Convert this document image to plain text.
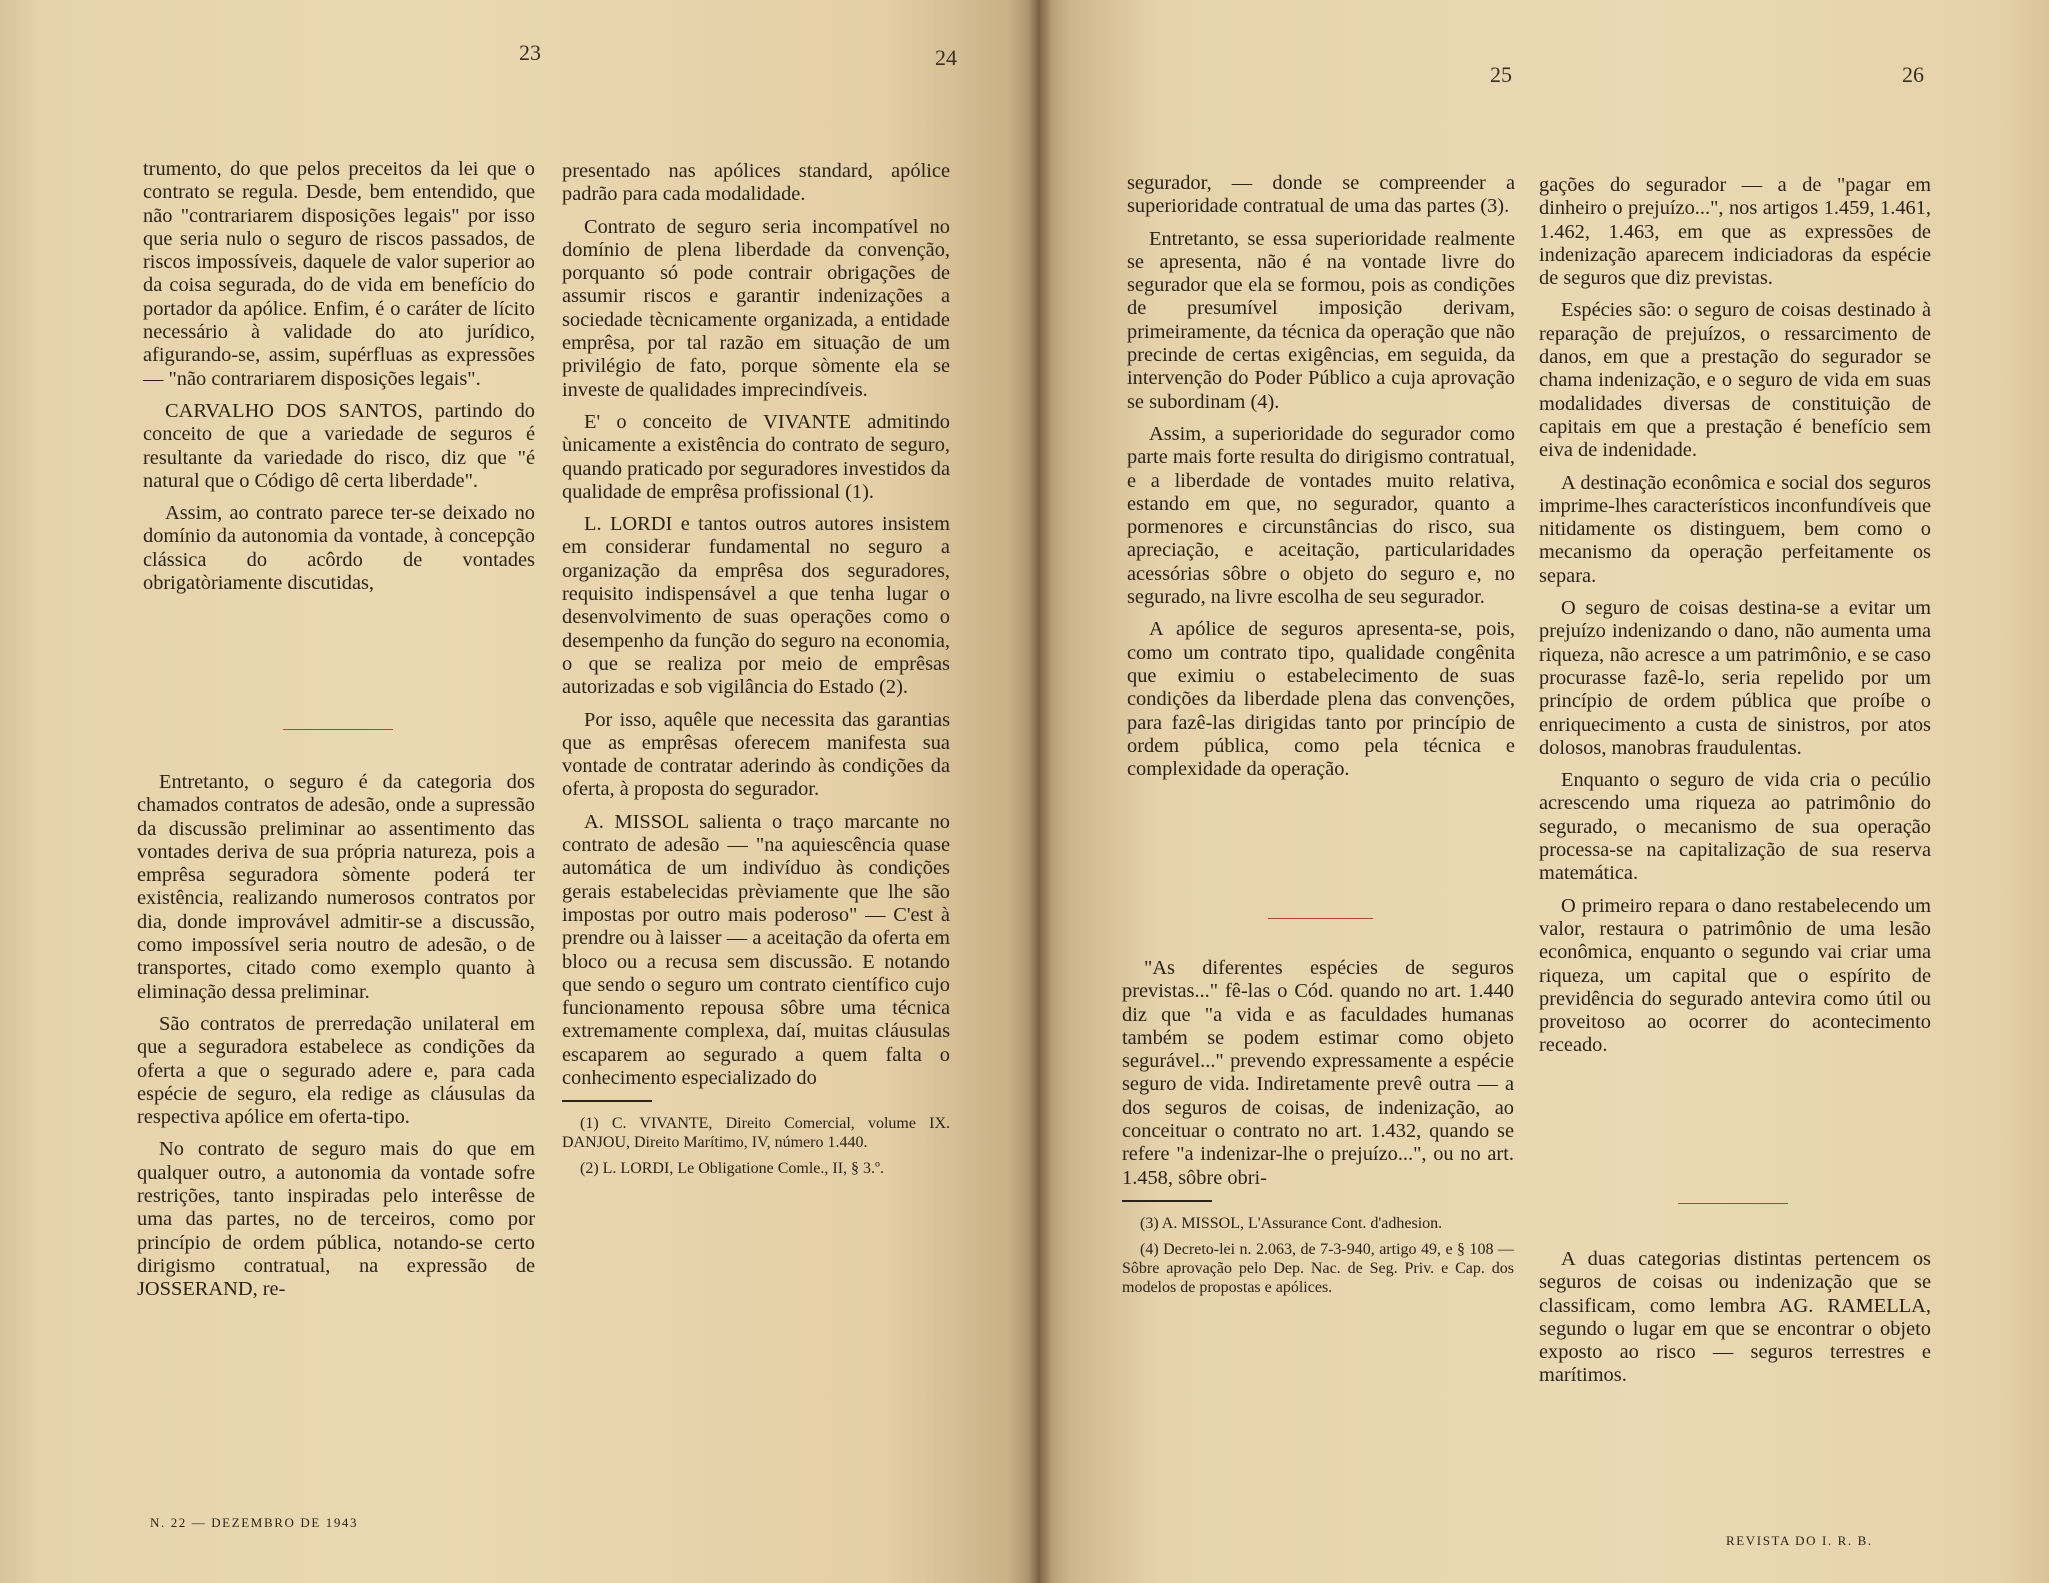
23	24

trumento, do que pelos preceitos da lei que o contrato se regula. Desde, bem entendido, que não "contrariarem disposições legais" por isso que seria nulo o seguro de riscos passados, de riscos impossíveis, daquele de valor superior ao da coisa segurada, do de vida em benefício do portador da apólice. Enfim, é o caráter de lícito necessário à validade do ato jurídico, afigurando-se, assim, supérfluas as expressões — "não contrariarem disposições legais".

CARVALHO DOS SANTOS, partindo do conceito de que a variedade de seguros é resultante da variedade do risco, diz que "é natural que o Código dê certa liberdade".

Assim, ao contrato parece ter-se deixado no domínio da autonomia da vontade, à concepção clássica do acôrdo de vontades obrigatòriamente discutidas,

Entretanto, o seguro é da categoria dos chamados contratos de adesão, onde a supressão da discussão preliminar ao assentimento das vontades deriva de sua própria natureza, pois a emprêsa seguradora sòmente poderá ter existência, realizando numerosos contratos por dia, donde improvável admitir-se a discussão, como impossível seria noutro de adesão, o de transportes, citado como exemplo quanto à eliminação dessa preliminar.

São contratos de prerredação unilateral em que a seguradora estabelece as condições da oferta a que o segurado adere e, para cada espécie de seguro, ela redige as cláusulas da respectiva apólice em oferta-tipo.

No contrato de seguro mais do que em qualquer outro, a autonomia da vontade sofre restrições, tanto inspiradas pelo interêsse de uma das partes, no de terceiros, como por princípio de ordem pública, notando-se certo dirigismo contratual, na expressão de JOSSERAND, re-

presentado nas apólices standard, apólice padrão para cada modalidade.

Contrato de seguro seria incompatível no domínio de plena liberdade da convenção, porquanto só pode contrair obrigações de assumir riscos e garantir indenizações a sociedade tècnicamente organizada, a entidade emprêsa, por tal razão em situação de um privilégio de fato, porque sòmente ela se investe de qualidades imprecindíveis.

E' o conceito de VIVANTE admitindo ùnicamente a existência do contrato de seguro, quando praticado por seguradores investidos da qualidade de emprêsa profissional (1).

L. LORDI e tantos outros autores insistem em considerar fundamental no seguro a organização da emprêsa dos seguradores, requisito indispensável a que tenha lugar o desenvolvimento de suas operações como o desempenho da função do seguro na economia, o que se realiza por meio de emprêsas autorizadas e sob vigilância do Estado (2).

Por isso, aquêle que necessita das garantias que as emprêsas oferecem manifesta sua vontade de contratar aderindo às condições da oferta, à proposta do segurador.

A. MISSOL salienta o traço marcante no contrato de adesão — "na aquiescência quase automática de um indivíduo às condições gerais estabelecidas prèviamente que lhe são impostas por outro mais poderoso" — C'est à prendre ou à laisser — a aceitação da oferta em bloco ou a recusa sem discussão. E notando que sendo o seguro um contrato científico cujo funcionamento repousa sôbre uma técnica extremamente complexa, daí, muitas cláusulas escaparem ao segurado a quem falta o conhecimento especializado do

(1) C. VIVANTE, Direito Comercial, volume IX. DANJOU, Direito Marítimo, IV, número 1.440.

(2) L. LORDI, Le Obligatione Comle., II, § 3.º.

N. 22 — DEZEMBRO DE 1943
25	26

segurador, — donde se compreender a superioridade contratual de uma das partes (3).

Entretanto, se essa superioridade realmente se apresenta, não é na vontade livre do segurador que ela se formou, pois as condições de presumível imposição derivam, primeiramente, da técnica da operação que não precinde de certas exigências, em seguida, da intervenção do Poder Público a cuja aprovação se subordinam (4).

Assim, a superioridade do segurador como parte mais forte resulta do dirigismo contratual, e a liberdade de vontades muito relativa, estando em que, no segurador, quanto a pormenores e circunstâncias do risco, sua apreciação, e aceitação, particularidades acessórias sôbre o objeto do seguro e, no segurado, na livre escolha de seu segurador.

A apólice de seguros apresenta-se, pois, como um contrato tipo, qualidade congênita que eximiu o estabelecimento de suas condições da liberdade plena das convenções, para fazê-las dirigidas tanto por princípio de ordem pública, como pela técnica e complexidade da operação.

"As diferentes espécies de seguros previstas..." fê-las o Cód. quando no art. 1.440 diz que "a vida e as faculdades humanas também se podem estimar como objeto segurável..." prevendo expressamente a espécie seguro de vida. Indiretamente prevê outra — a dos seguros de coisas, de indenização, ao conceituar o contrato no art. 1.432, quando se refere "a indenizar-lhe o prejuízo...", ou no art. 1.458, sôbre obri-

(3) A. MISSOL, L'Assurance Cont. d'adhesion.

(4) Decreto-lei n. 2.063, de 7-3-940, artigo 49, e § 108 — Sôbre aprovação pelo Dep. Nac. de Seg. Priv. e Cap. dos modelos de propostas e apólices.

gações do segurador — a de "pagar em dinheiro o prejuízo...", nos artigos 1.459, 1.461, 1.462, 1.463, em que as expressões de indenização aparecem indiciadoras da espécie de seguros que diz previstas.

Espécies são: o seguro de coisas destinado à reparação de prejuízos, o ressarcimento de danos, em que a prestação do segurador se chama indenização, e o seguro de vida em suas modalidades diversas de constituição de capitais em que a prestação é benefício sem eiva de indenidade.

A destinação econômica e social dos seguros imprime-lhes característicos inconfundíveis que nitidamente os distinguem, bem como o mecanismo da operação perfeitamente os separa.

O seguro de coisas destina-se a evitar um prejuízo indenizando o dano, não aumenta uma riqueza, não acresce a um patrimônio, e se caso procurasse fazê-lo, seria repelido por um princípio de ordem pública que proíbe o enriquecimento a custa de sinistros, por atos dolosos, manobras fraudulentas.

Enquanto o seguro de vida cria o pecúlio acrescendo uma riqueza ao patrimônio do segurado, o mecanismo de sua operação processa-se na capitalização de sua reserva matemática.

O primeiro repara o dano restabelecendo um valor, restaura o patrimônio de uma lesão econômica, enquanto o segundo vai criar uma riqueza, um capital que o espírito de previdência do segurado antevira como útil ou proveitoso ao ocorrer do acontecimento receado.

A duas categorias distintas pertencem os seguros de coisas ou indenização que se classificam, como lembra AG. RAMELLA, segundo o lugar em que se encontrar o objeto exposto ao risco — seguros terrestres e marítimos.

REVISTA DO I. R. B.
